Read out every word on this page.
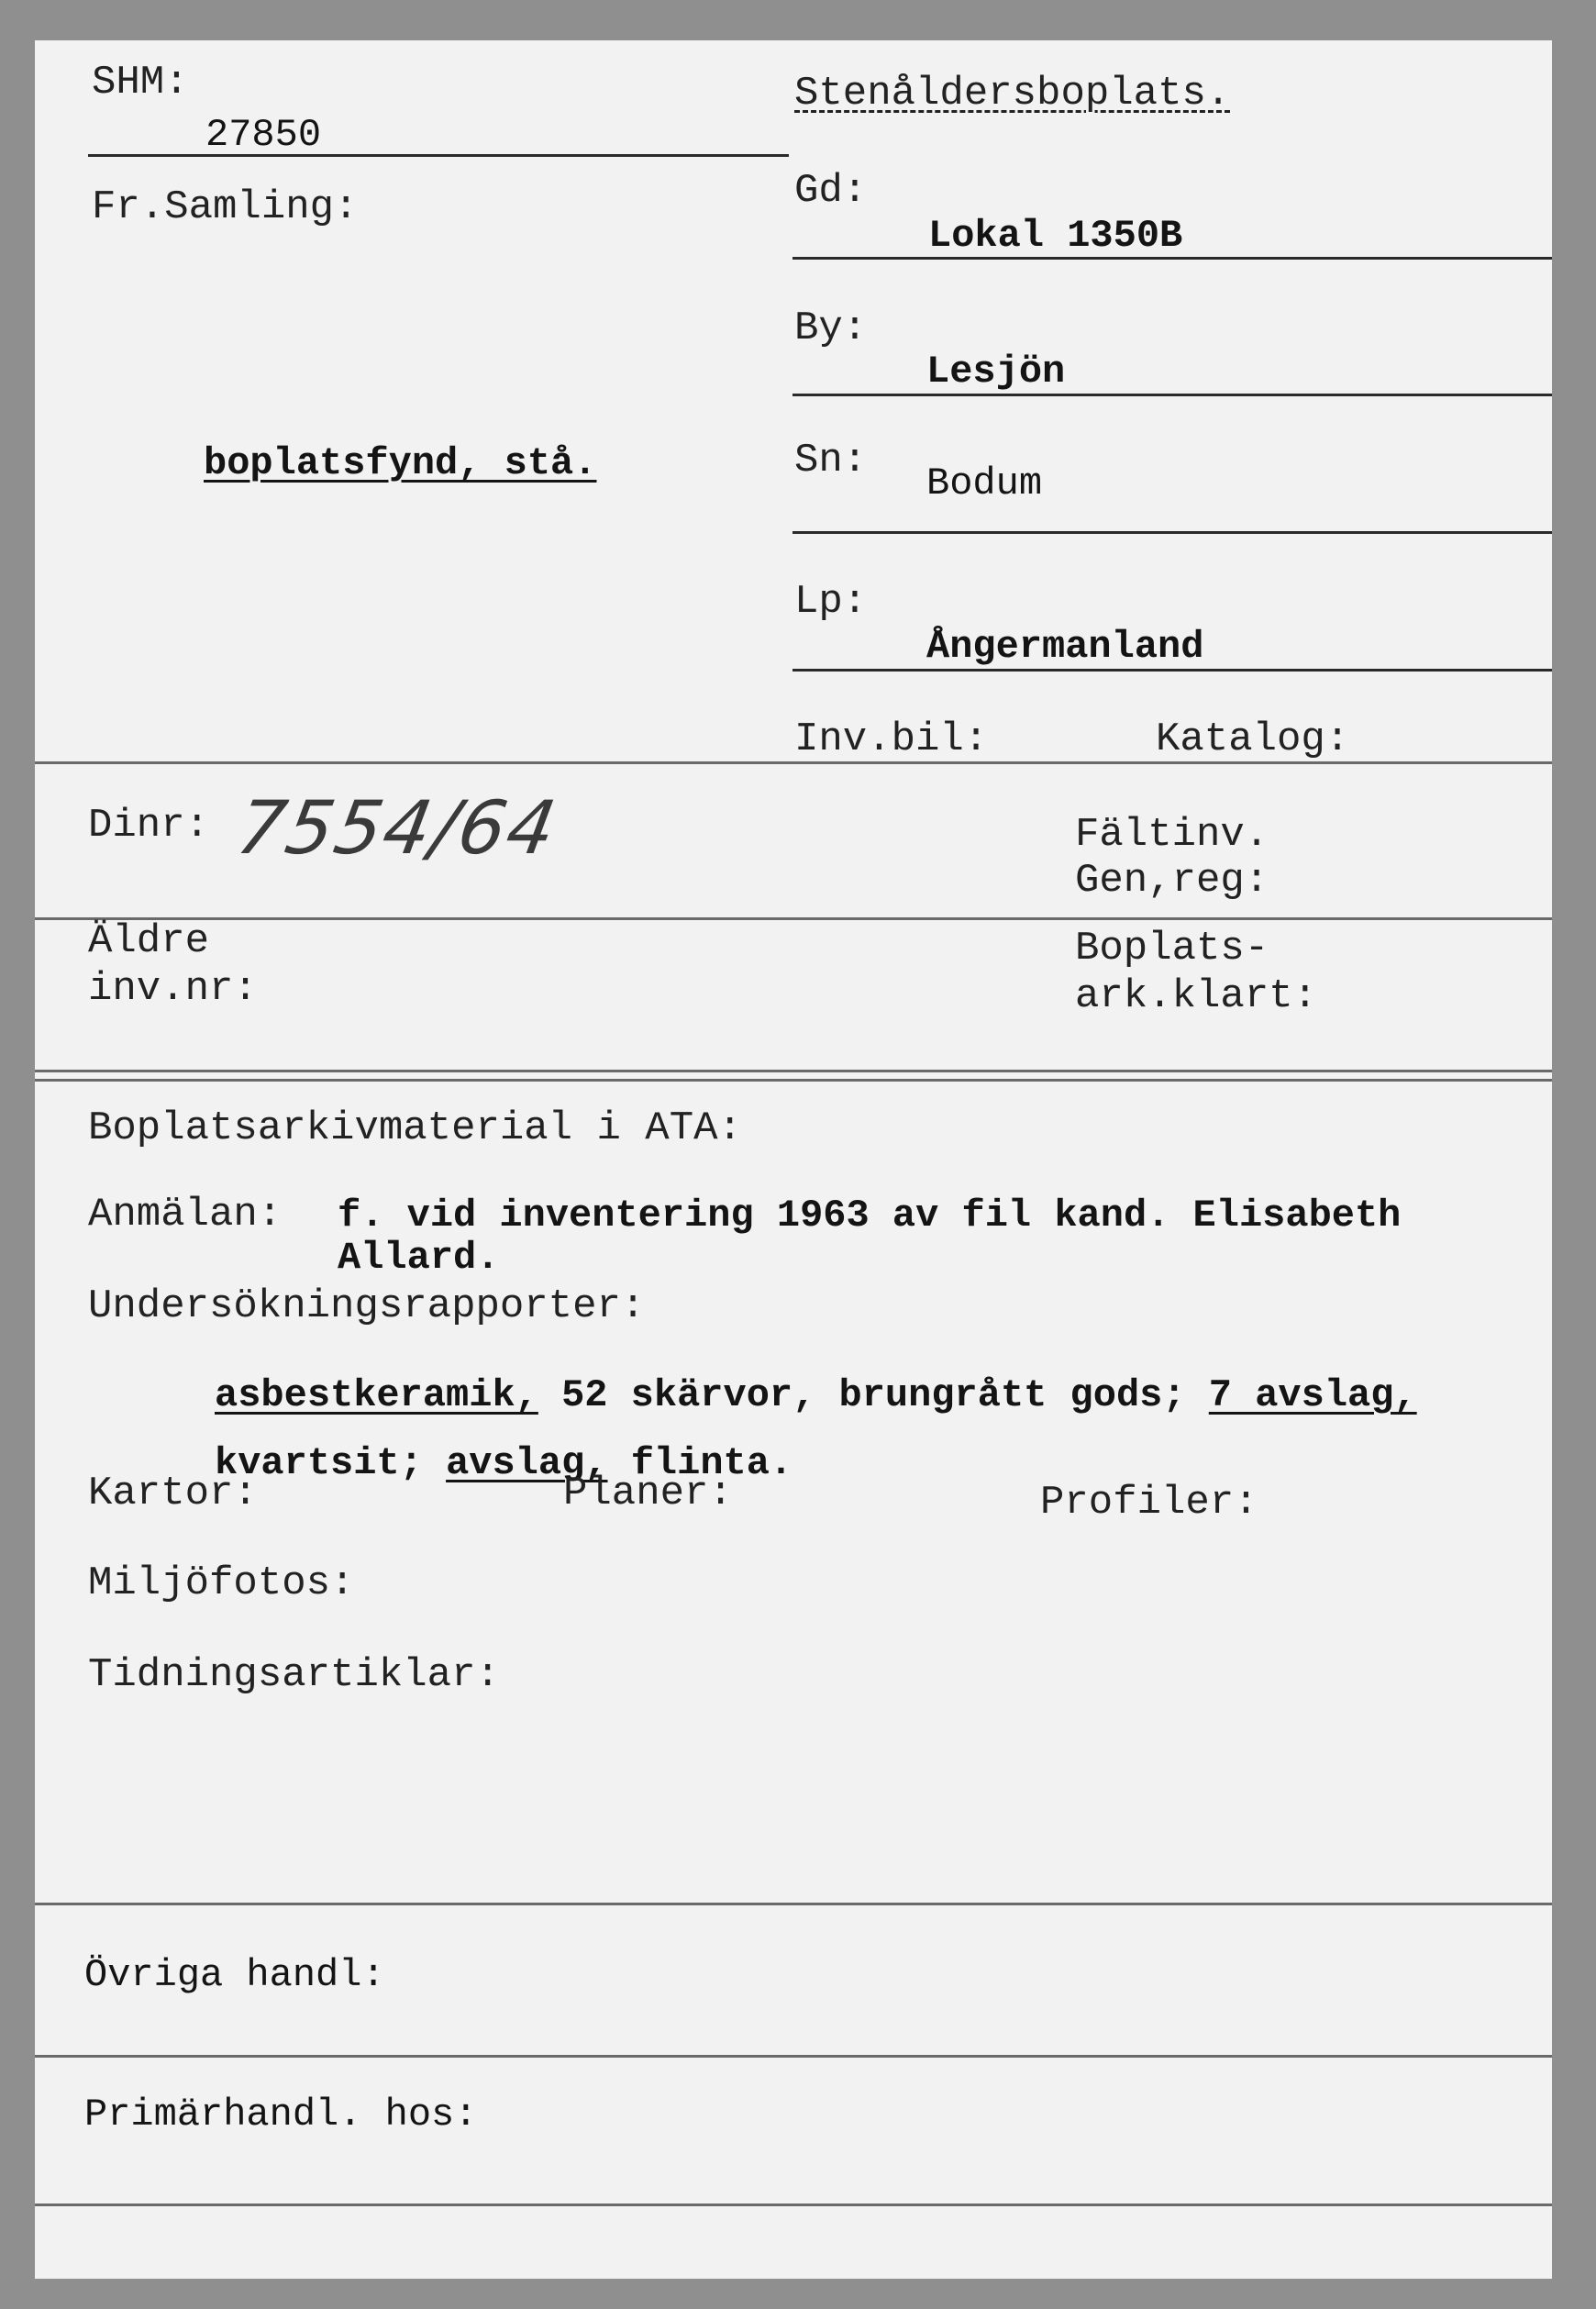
SHM:
27850
Fr.Samling:
boplatsfynd, stå.
Stenåldersboplats.
Gd:
Lokal 1350B
By:
Lesjön
Sn: Bodum
Lp:
Ångermanland
Inv.bil:	Katalog:
Dinr: 7554/64	Fältinv.
Gen,reg:
Äldre
inv.nr:
Boplats-
ark.klart:
Boplatsarkivmaterial i ATA:
Anmälan: f. vid inventering 1963 av fil kand. Elisabeth
Allard.
Undersökningsrapporter:
asbestkeramik, 52 skärvor, brungrått gods; 7 avslag,
kvartsit; avslag, flinta.
Kartor:	Planer:	Profiler:
Miljöfotos:
Tidningsartiklar:
Övriga handl:
Primärhandl. hos:
